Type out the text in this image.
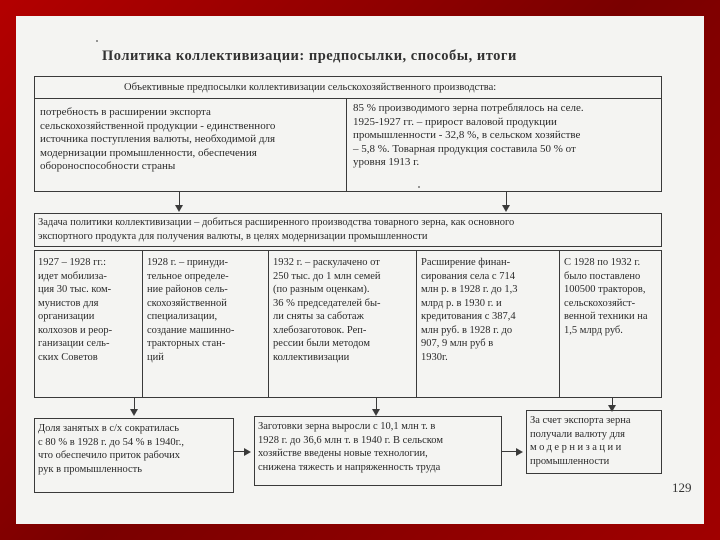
Политика коллективизации: предпосылки, способы, итоги
Объективные предпосылки коллективизации сельскохозяйственного производства:
потребность в расширении экспорта
сельскохозяйственной продукции - единственного
источника поступления валюты, необходимой для
модернизации промышленности, обеспечения
обороноспособности страны
85 % производимого зерна потреблялось на селе.
1925-1927 гг. – прирост валовой продукции
промышленности - 32,8 %, в сельском хозяйстве
– 5,8 %. Товарная продукция составила 50 % от
уровня 1913 г.
Задача политики коллективизации – добиться расширенного производства товарного зерна, как основного
экспортного продукта для получения валюты, в целях модернизации промышленности
1927 – 1928 гг.:
идет мобилиза-
ция 30 тыс. ком-
мунистов для
организации
колхозов и реор-
ганизации сель-
ских Советов
1928 г. – принуди-
тельное определе-
ние районов сель-
скохозяйственной
специализации,
создание машинно-
тракторных стан-
ций
1932 г. – раскулачено от
250 тыс. до 1 млн семей
(по разным оценкам).
36 % председателей бы-
ли сняты за саботаж
хлебозаготовок. Реп-
рессии были методом
коллективизации
Расширение финан-
сирования села с 714
млн р. в 1928 г. до 1,3
млрд р. в 1930 г. и
кредитования с 387,4
млн руб. в 1928 г. до
907, 9 млн руб в
1930г.
С 1928 по 1932 г.
было поставлено
100500 тракторов,
сельскохозяйст-
венной техники на
1,5 млрд руб.
Доля занятых в с/х сократилась
с 80 % в 1928 г. до 54 % в 1940г.,
что обеспечило приток рабочих
рук в промышленность
Заготовки зерна выросли с 10,1 млн т. в
1928 г. до 36,6 млн т. в 1940 г. В сельском
хозяйстве введены новые технологии,
снижена тяжесть и напряженность труда
За счет экспорта зерна
получали валюту для
модернизации
промышленности
129
